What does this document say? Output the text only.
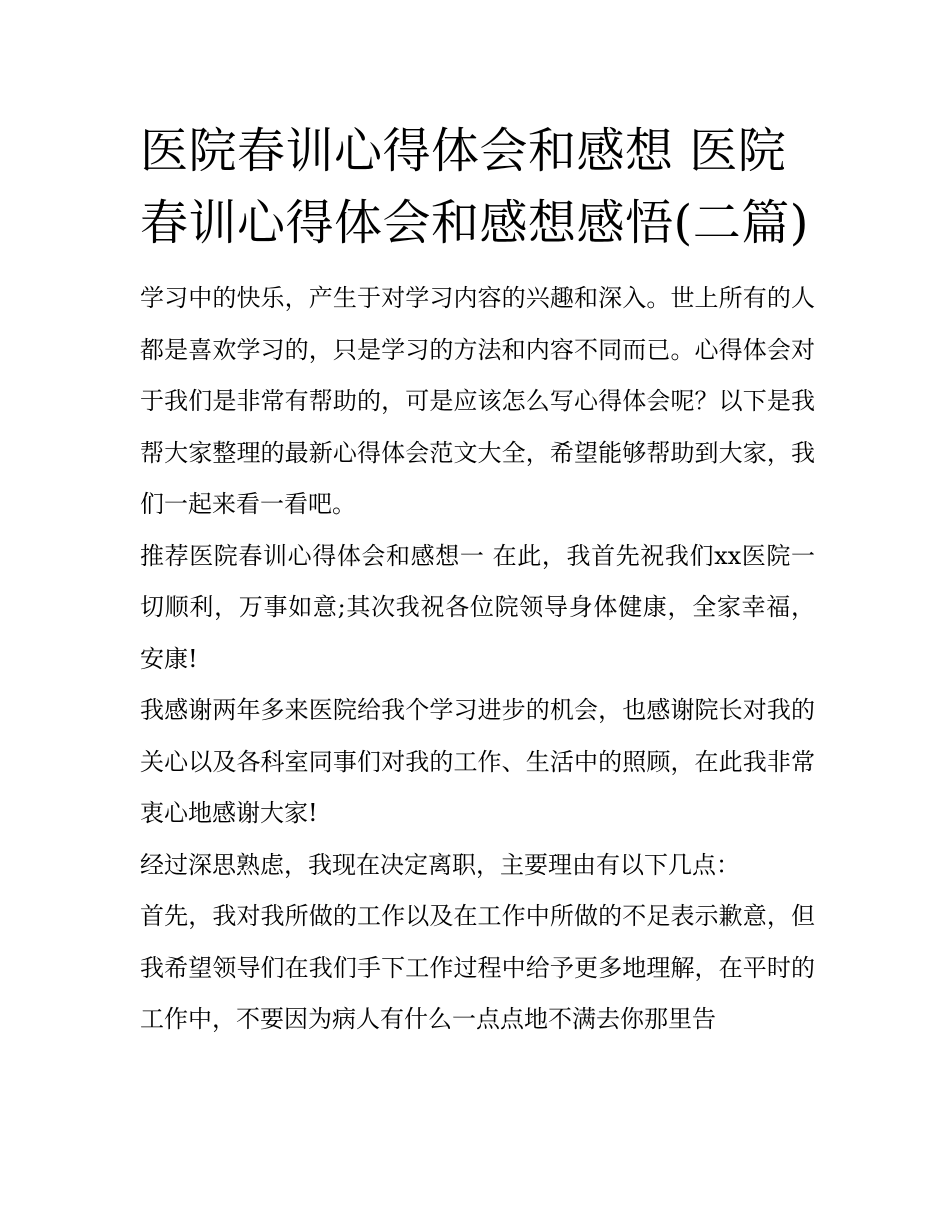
医院春训心得体会和感想 医院春训心得体会和感想感悟(二篇)

学习中的快乐，产生于对学习内容的兴趣和深入。世上所有的人都是喜欢学习的，只是学习的方法和内容不同而已。心得体会对于我们是非常有帮助的，可是应该怎么写心得体会呢？以下是我帮大家整理的最新心得体会范文大全，希望能够帮助到大家，我们一起来看一看吧。

推荐医院春训心得体会和感想一 在此，我首先祝我们xx医院一切顺利，万事如意;其次我祝各位院领导身体健康，全家幸福，安康!

我感谢两年多来医院给我个学习进步的机会，也感谢院长对我的关心以及各科室同事们对我的工作、生活中的照顾，在此我非常衷心地感谢大家!

经过深思熟虑，我现在决定离职，主要理由有以下几点：

首先，我对我所做的工作以及在工作中所做的不足表示歉意，但我希望领导们在我们手下工作过程中给予更多地理解，在平时的工作中，不要因为病人有什么一点点地不满去你那里告
